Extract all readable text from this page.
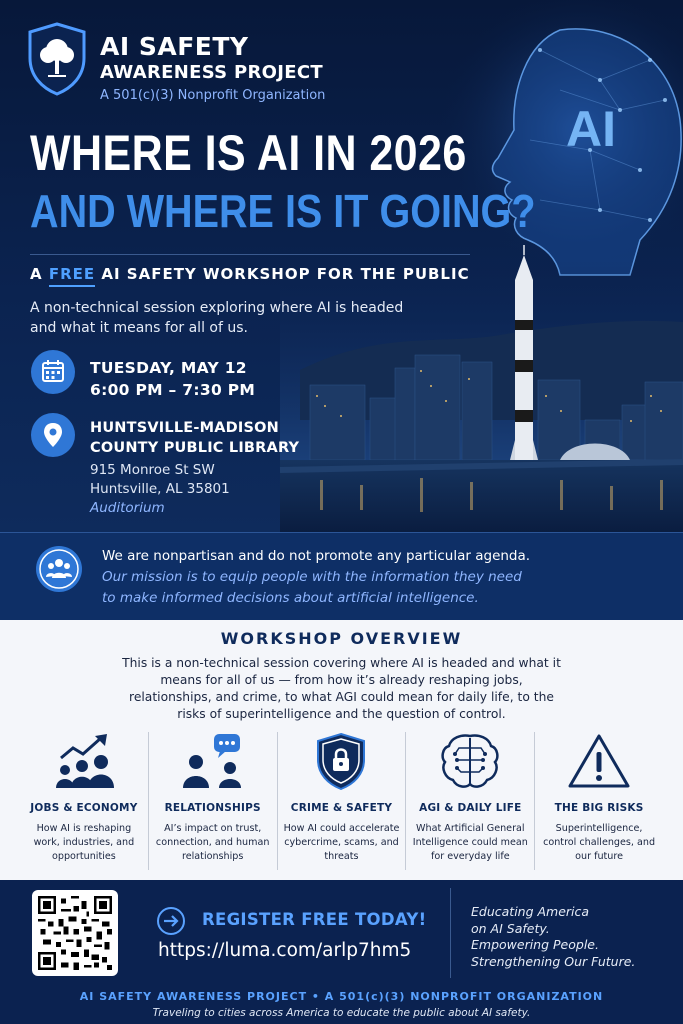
AI SAFETY
AWARENESS PROJECT
A 501(c)(3) Nonprofit Organization
AI
WHERE IS AI IN 2026
AND WHERE IS IT GOING?
A FREE AI SAFETY WORKSHOP FOR THE PUBLIC

A non-technical session exploring where AI is headed and what it means for all of us.

TUESDAY, MAY 12
6:00 PM – 7:30 PM
HUNTSVILLE-MADISON
COUNTY PUBLIC LIBRARY
915 Monroe St SW
Huntsville, AL 35801
Auditorium
We are nonpartisan and do not promote any particular agenda.
Our mission is to equip people with the information they need
to make informed decisions about artificial intelligence.
WORKSHOP OVERVIEW

This is a non-technical session covering where AI is headed and what it means for all of us — from how it’s already reshaping jobs, relationships, and crime, to what AGI could mean for daily life, to the risks of superintelligence and the question of control.

JOBS & ECONOMY
How AI is reshaping work, industries, and opportunities
RELATIONSHIPS
AI’s impact on trust, connection, and human relationships
CRIME & SAFETY
How AI could accelerate cybercrime, scams, and threats
AGI & DAILY LIFE
What Artificial General Intelligence could mean for everyday life
THE BIG RISKS
Superintelligence, control challenges, and our future
REGISTER FREE TODAY!
https://luma.com/arlp7hm5
Educating America
on AI Safety.
Empowering People.
Strengthening Our Future.
AI SAFETY AWARENESS PROJECT • A 501(c)(3) NONPROFIT ORGANIZATION
Traveling to cities across America to educate the public about AI safety.
